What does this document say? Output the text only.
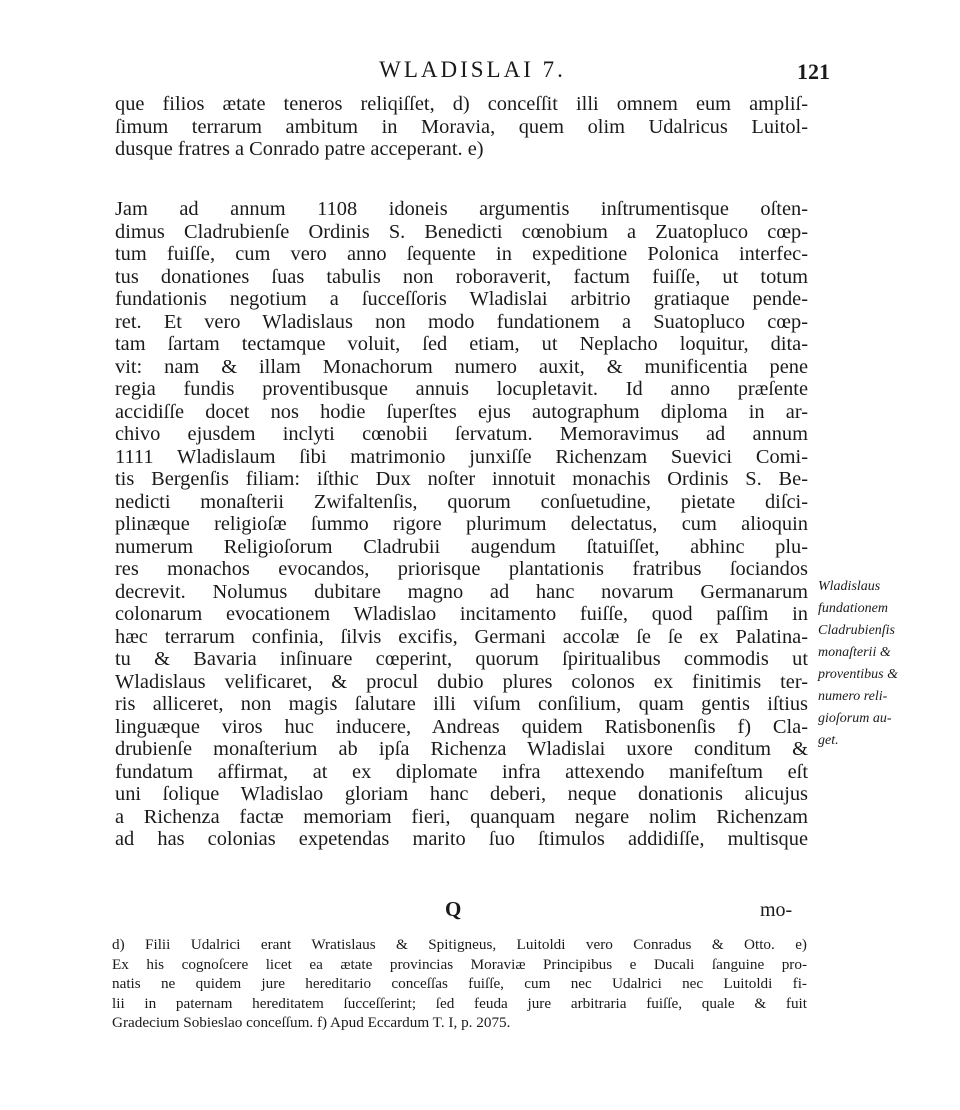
WLADISLAI 7.	121
que filios ætate teneros reliqiſſet, d) conceſſit illi omnem eum ampliſ-
ſimum terrarum ambitum in Moravia, quem olim Udalricus Luitol-
dusque fratres a Conrado patre acceperant. e)
Jam ad annum 1108 idoneis argumentis inſtrumentisque oſten-
dimus Cladrubienſe Ordinis S. Benedicti cœnobium a Zuatopluco cœp-
tum fuiſſe, cum vero anno ſequente in expeditione Polonica interfec-
tus donationes ſuas tabulis non roboraverit, factum fuiſſe, ut totum
fundationis negotium a ſucceſſoris Wladislai arbitrio gratiaque pende-
ret. Et vero Wladislaus non modo fundationem a Suatopluco cœp-
tam ſartam tectamque voluit, ſed etiam, ut Neplacho loquitur, dita-
vit: nam & illam Monachorum numero auxit, & munificentia pene
regia fundis proventibusque annuis locupletavit. Id anno præſente
accidiſſe docet nos hodie ſuperſtes ejus autographum diploma in ar-
chivo ejusdem inclyti cœnobii ſervatum. Memoravimus ad annum
1111 Wladislaum ſibi matrimonio junxiſſe Richenzam Suevici Comi-
tis Bergenſis filiam: iſthic Dux noſter innotuit monachis Ordinis S. Be-
nedicti monaſterii Zwifaltenſis, quorum conſuetudine, pietate diſci-
plinæque religioſæ ſummo rigore plurimum delectatus, cum alioquin
numerum Religioſorum Cladrubii augendum ſtatuiſſet, abhinc plu-
res monachos evocandos, priorisque plantationis fratribus ſociandos
decrevit. Nolumus dubitare magno ad hanc novarum Germanarum
colonarum evocationem Wladislao incitamento fuiſſe, quod paſſim in
hæc terrarum confinia, ſilvis excifis, Germani accolæ ſe ſe ex Palatina-
tu & Bavaria inſinuare cœperint, quorum ſpiritualibus commodis ut
Wladislaus velificaret, & procul dubio plures colonos ex finitimis ter-
ris alliceret, non magis ſalutare illi viſum conſilium, quam gentis iſtius
linguæque viros huc inducere, Andreas quidem Ratisbonenſis f) Cla-
drubienſe monaſterium ab ipſa Richenza Wladislai uxore conditum &
fundatum affirmat, at ex diplomate infra attexendo manifeſtum eſt
uni ſolique Wladislao gloriam hanc deberi, neque donationis alicujus
a Richenza factæ memoriam fieri, quanquam negare nolim Richenzam
ad has colonias expetendas marito ſuo ſtimulos addidiſſe, multisque
Wladislaus
fundationem
Cladrubienſis
monaſterii &
proventibus &
numero reli-
gioſorum au-
get.
Q	mo-
d) Filii Udalrici erant Wratislaus & Spitigneus, Luitoldi vero Conradus & Otto. e)
Ex his cognoſcere licet ea ætate provincias Moraviæ Principibus e Ducali ſanguine pro-
natis ne quidem jure hereditario conceſſas fuiſſe, cum nec Udalrici nec Luitoldi fi-
lii in paternam hereditatem ſucceſſerint; ſed feuda jure arbitraria fuiſſe, quale & fuit
Gradecium Sobieslao conceſſum. f) Apud Eccardum T. I, p. 2075.
